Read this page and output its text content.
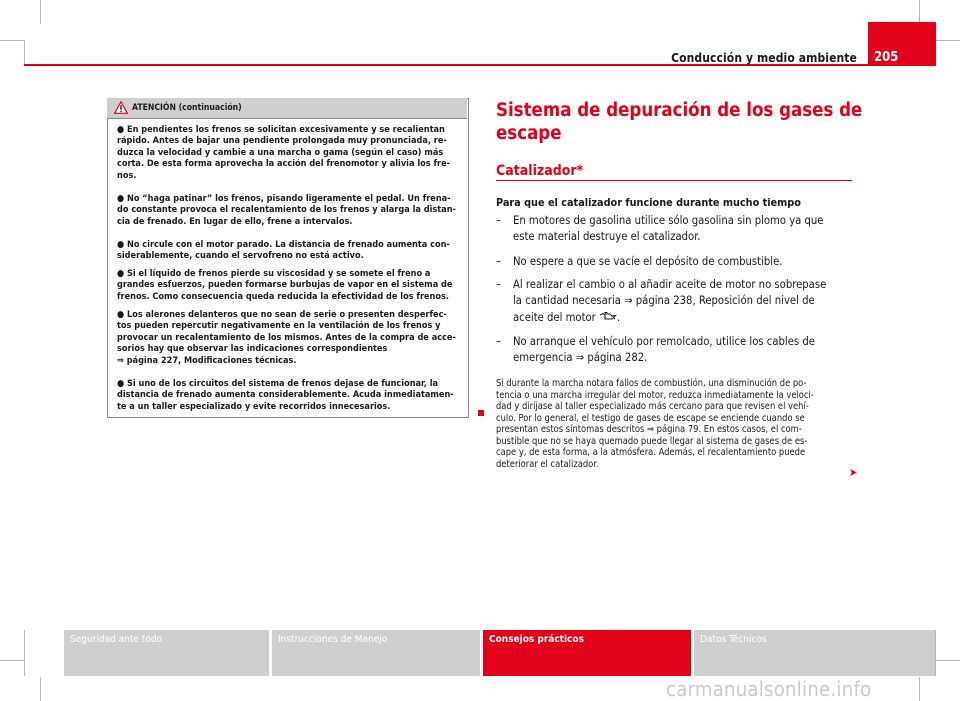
Conducción y medio ambiente 205
ATENCIÓN (continuación)
● En pendientes los frenos se solicitan excesivamente y se recalientan
rápido. Antes de bajar una pendiente prolongada muy pronunciada, re-
duzca la velocidad y cambie a una marcha o gama (según el caso) más
corta. De esta forma aprovecha la acción del frenomotor y alivia los fre-
nos.
● No “haga patinar” los frenos, pisando ligeramente el pedal. Un frena-
do constante provoca el recalentamiento de los frenos y alarga la distan-
cia de frenado. En lugar de ello, frene a intervalos.
● No circule con el motor parado. La distancia de frenado aumenta con-
siderablemente, cuando el servofreno no está activo.
● Si el líquido de frenos pierde su viscosidad y se somete el freno a
grandes esfuerzos, pueden formarse burbujas de vapor en el sistema de
frenos. Como consecuencia queda reducida la efectividad de los frenos.
● Los alerones delanteros que no sean de serie o presenten desperfec-
tos pueden repercutir negativamente en la ventilación de los frenos y
provocar un recalentamiento de los mismos. Antes de la compra de acce-
sorios hay que observar las indicaciones correspondientes
⇒ página 227, Modificaciones técnicas.
● Si uno de los circuitos del sistema de frenos dejase de funcionar, la
distancia de frenado aumenta considerablemente. Acuda inmediatamen-
te a un taller especializado y evite recorridos innecesarios.
Sistema de depuración de los gases de
escape
Catalizador*
Para que el catalizador funcione durante mucho tiempo
–	En motores de gasolina utilice sólo gasolina sin plomo ya que
este material destruye el catalizador.
–	No espere a que se vacíe el depósito de combustible.
–	Al realizar el cambio o al añadir aceite de motor no sobrepase
la cantidad necesaria ⇒ página 238, Reposición del nivel de
aceite del motor .
–	No arranque el vehículo por remolcado, utilice los cables de
emergencia ⇒ página 282.
Si durante la marcha notara fallos de combustión, una disminución de po-
tencia o una marcha irregular del motor, reduzca inmediatamente la veloci-
dad y diríjase al taller especializado más cercano para que revisen el vehí-
culo. Por lo general, el testigo de gases de escape se enciende cuando se
presentan estos síntomas descritos ⇒ página 79. En estos casos, el com-
bustible que no se haya quemado puede llegar al sistema de gases de es-
cape y, de esta forma, a la atmósfera. Además, el recalentamiento puede
deteriorar el catalizador.
➤
Seguridad ante todo	Instrucciones de Manejo	Consejos prácticos	Datos Técnicos
carmanualsonline.info
